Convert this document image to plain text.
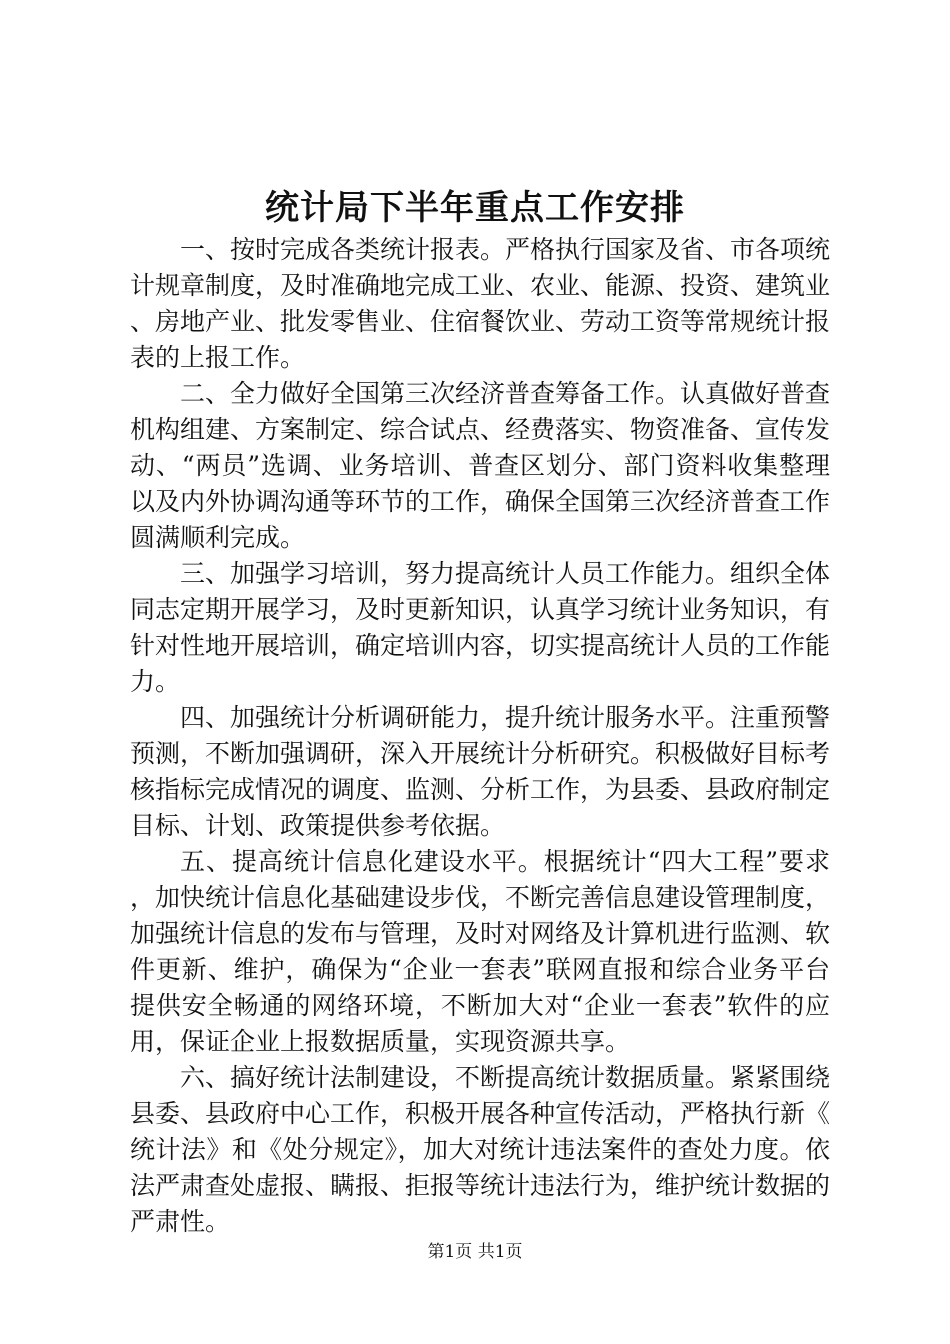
统计局下半年重点工作安排

一、按时完成各类统计报表。严格执行国家及省、市各项统计规章制度，及时准确地完成工业、农业、能源、投资、建筑业、房地产业、批发零售业、住宿餐饮业、劳动工资等常规统计报表的上报工作。

二、全力做好全国第三次经济普查筹备工作。认真做好普查机构组建、方案制定、综合试点、经费落实、物资准备、宣传发动、“两员”选调、业务培训、普查区划分、部门资料收集整理以及内外协调沟通等环节的工作，确保全国第三次经济普查工作圆满顺利完成。

三、加强学习培训，努力提高统计人员工作能力。组织全体同志定期开展学习，及时更新知识，认真学习统计业务知识，有针对性地开展培训，确定培训内容，切实提高统计人员的工作能力。

四、加强统计分析调研能力，提升统计服务水平。注重预警预测，不断加强调研，深入开展统计分析研究。积极做好目标考核指标完成情况的调度、监测、分析工作，为县委、县政府制定目标、计划、政策提供参考依据。

五、提高统计信息化建设水平。根据统计“四大工程”要求，加快统计信息化基础建设步伐，不断完善信息建设管理制度，加强统计信息的发布与管理，及时对网络及计算机进行监测、软件更新、维护，确保为“企业一套表”联网直报和综合业务平台提供安全畅通的网络环境，不断加大对“企业一套表”软件的应用，保证企业上报数据质量，实现资源共享。

六、搞好统计法制建设，不断提高统计数据质量。紧紧围绕县委、县政府中心工作，积极开展各种宣传活动，严格执行新《统计法》和《处分规定》，加大对统计违法案件的查处力度。依法严肃查处虚报、瞒报、拒报等统计违法行为，维护统计数据的严肃性。

第1页 共1页
